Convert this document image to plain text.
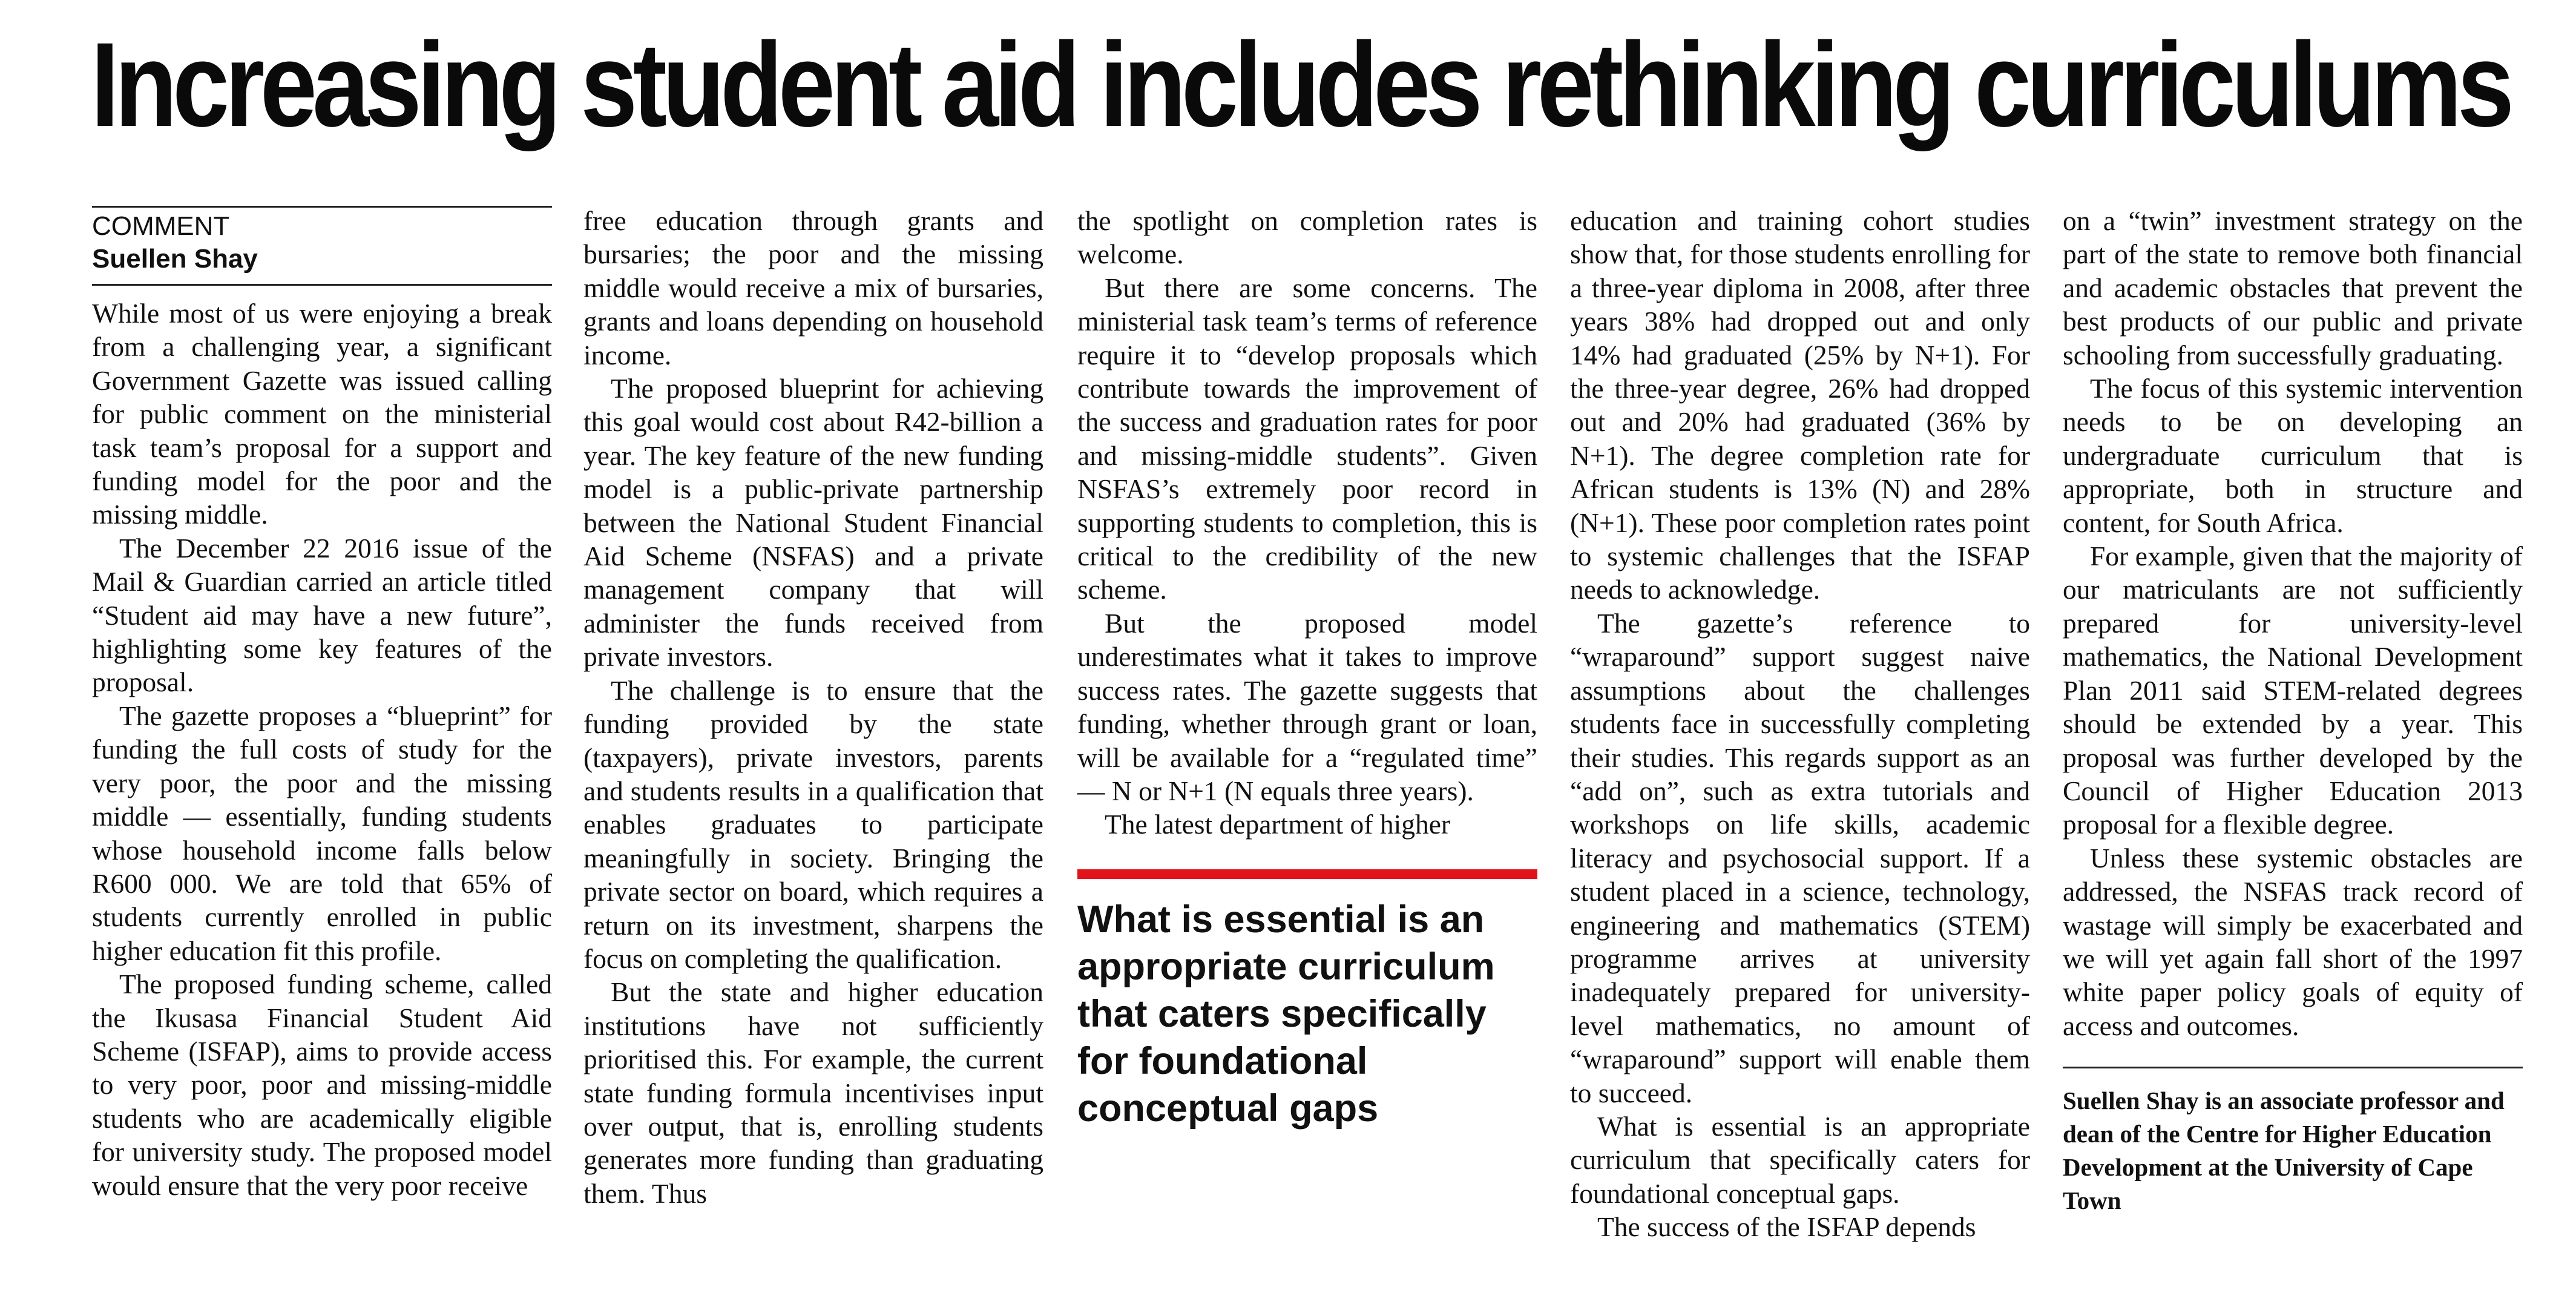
Increasing student aid includes rethinking curriculums
COMMENT
Suellen Shay

While most of us were enjoying a break from a challenging year, a significant Government Gazette was issued calling for public comment on the ministerial task team’s proposal for a support and funding model for the poor and the missing middle.

The December 22 2016 issue of the Mail & Guardian carried an article titled “Student aid may have a new future”, highlighting some key features of the proposal.

The gazette proposes a “blueprint” for funding the full costs of study for the very poor, the poor and the missing middle — essentially, funding students whose household income falls below R600 000. We are told that 65% of students currently enrolled in public higher education fit this profile.

The proposed funding scheme, called the Ikusasa Financial Student Aid Scheme (ISFAP), aims to provide access to very poor, poor and missing-middle students who are academically eligible for university study. The proposed model would ensure that the very poor receive

free education through grants and bursaries; the poor and the missing middle would receive a mix of bursaries, grants and loans depending on household income.

The proposed blueprint for achieving this goal would cost about R42-billion a year. The key feature of the new funding model is a public-private partnership between the National Student Financial Aid Scheme (NSFAS) and a private management company that will administer the funds received from private investors.

The challenge is to ensure that the funding provided by the state (taxpayers), private investors, parents and students results in a qualification that enables graduates to participate meaningfully in society. Bringing the private sector on board, which requires a return on its investment, sharpens the focus on completing the qualification.

But the state and higher education institutions have not sufficiently prioritised this. For example, the current state funding formula incentivises input over output, that is, enrolling students generates more funding than graduating them. Thus

the spotlight on completion rates is welcome.

But there are some concerns. The ministerial task team’s terms of reference require it to “develop proposals which contribute towards the improvement of the success and graduation rates for poor and missing-middle students”. Given NSFAS’s extremely poor record in supporting students to completion, this is critical to the credibility of the new scheme.

But the proposed model underestimates what it takes to improve success rates. The gazette suggests that funding, whether through grant or loan, will be available for a “regulated time” — N or N+1 (N equals three years).

The latest department of higher

What is essential is an appropriate curriculum that caters specifically for foundational conceptual gaps

education and training cohort studies show that, for those students enrolling for a three-year diploma in 2008, after three years 38% had dropped out and only 14% had graduated (25% by N+1). For the three-year degree, 26% had dropped out and 20% had graduated (36% by N+1). The degree completion rate for African students is 13% (N) and 28% (N+1). These poor completion rates point to systemic challenges that the ISFAP needs to acknowledge.

The gazette’s reference to “wraparound” support suggest naive assumptions about the challenges students face in successfully completing their studies. This regards support as an “add on”, such as extra tutorials and workshops on life skills, academic literacy and psychosocial support. If a student placed in a science, technology, engineering and mathematics (STEM) programme arrives at university inadequately prepared for university-level mathematics, no amount of “wraparound” support will enable them to succeed.

What is essential is an appropriate curriculum that specifically caters for foundational conceptual gaps.

The success of the ISFAP depends

on a “twin” investment strategy on the part of the state to remove both financial and academic obstacles that prevent the best products of our public and private schooling from successfully graduating.

The focus of this systemic intervention needs to be on developing an undergraduate curriculum that is appropriate, both in structure and content, for South Africa.

For example, given that the majority of our matriculants are not sufficiently prepared for university-level mathematics, the National Development Plan 2011 said STEM-related degrees should be extended by a year. This proposal was further developed by the Council of Higher Education 2013 proposal for a flexible degree.

Unless these systemic obstacles are addressed, the NSFAS track record of wastage will simply be exacerbated and we will yet again fall short of the 1997 white paper policy goals of equity of access and outcomes.

Suellen Shay is an associate professor and dean of the Centre for Higher Education Development at the University of Cape Town
